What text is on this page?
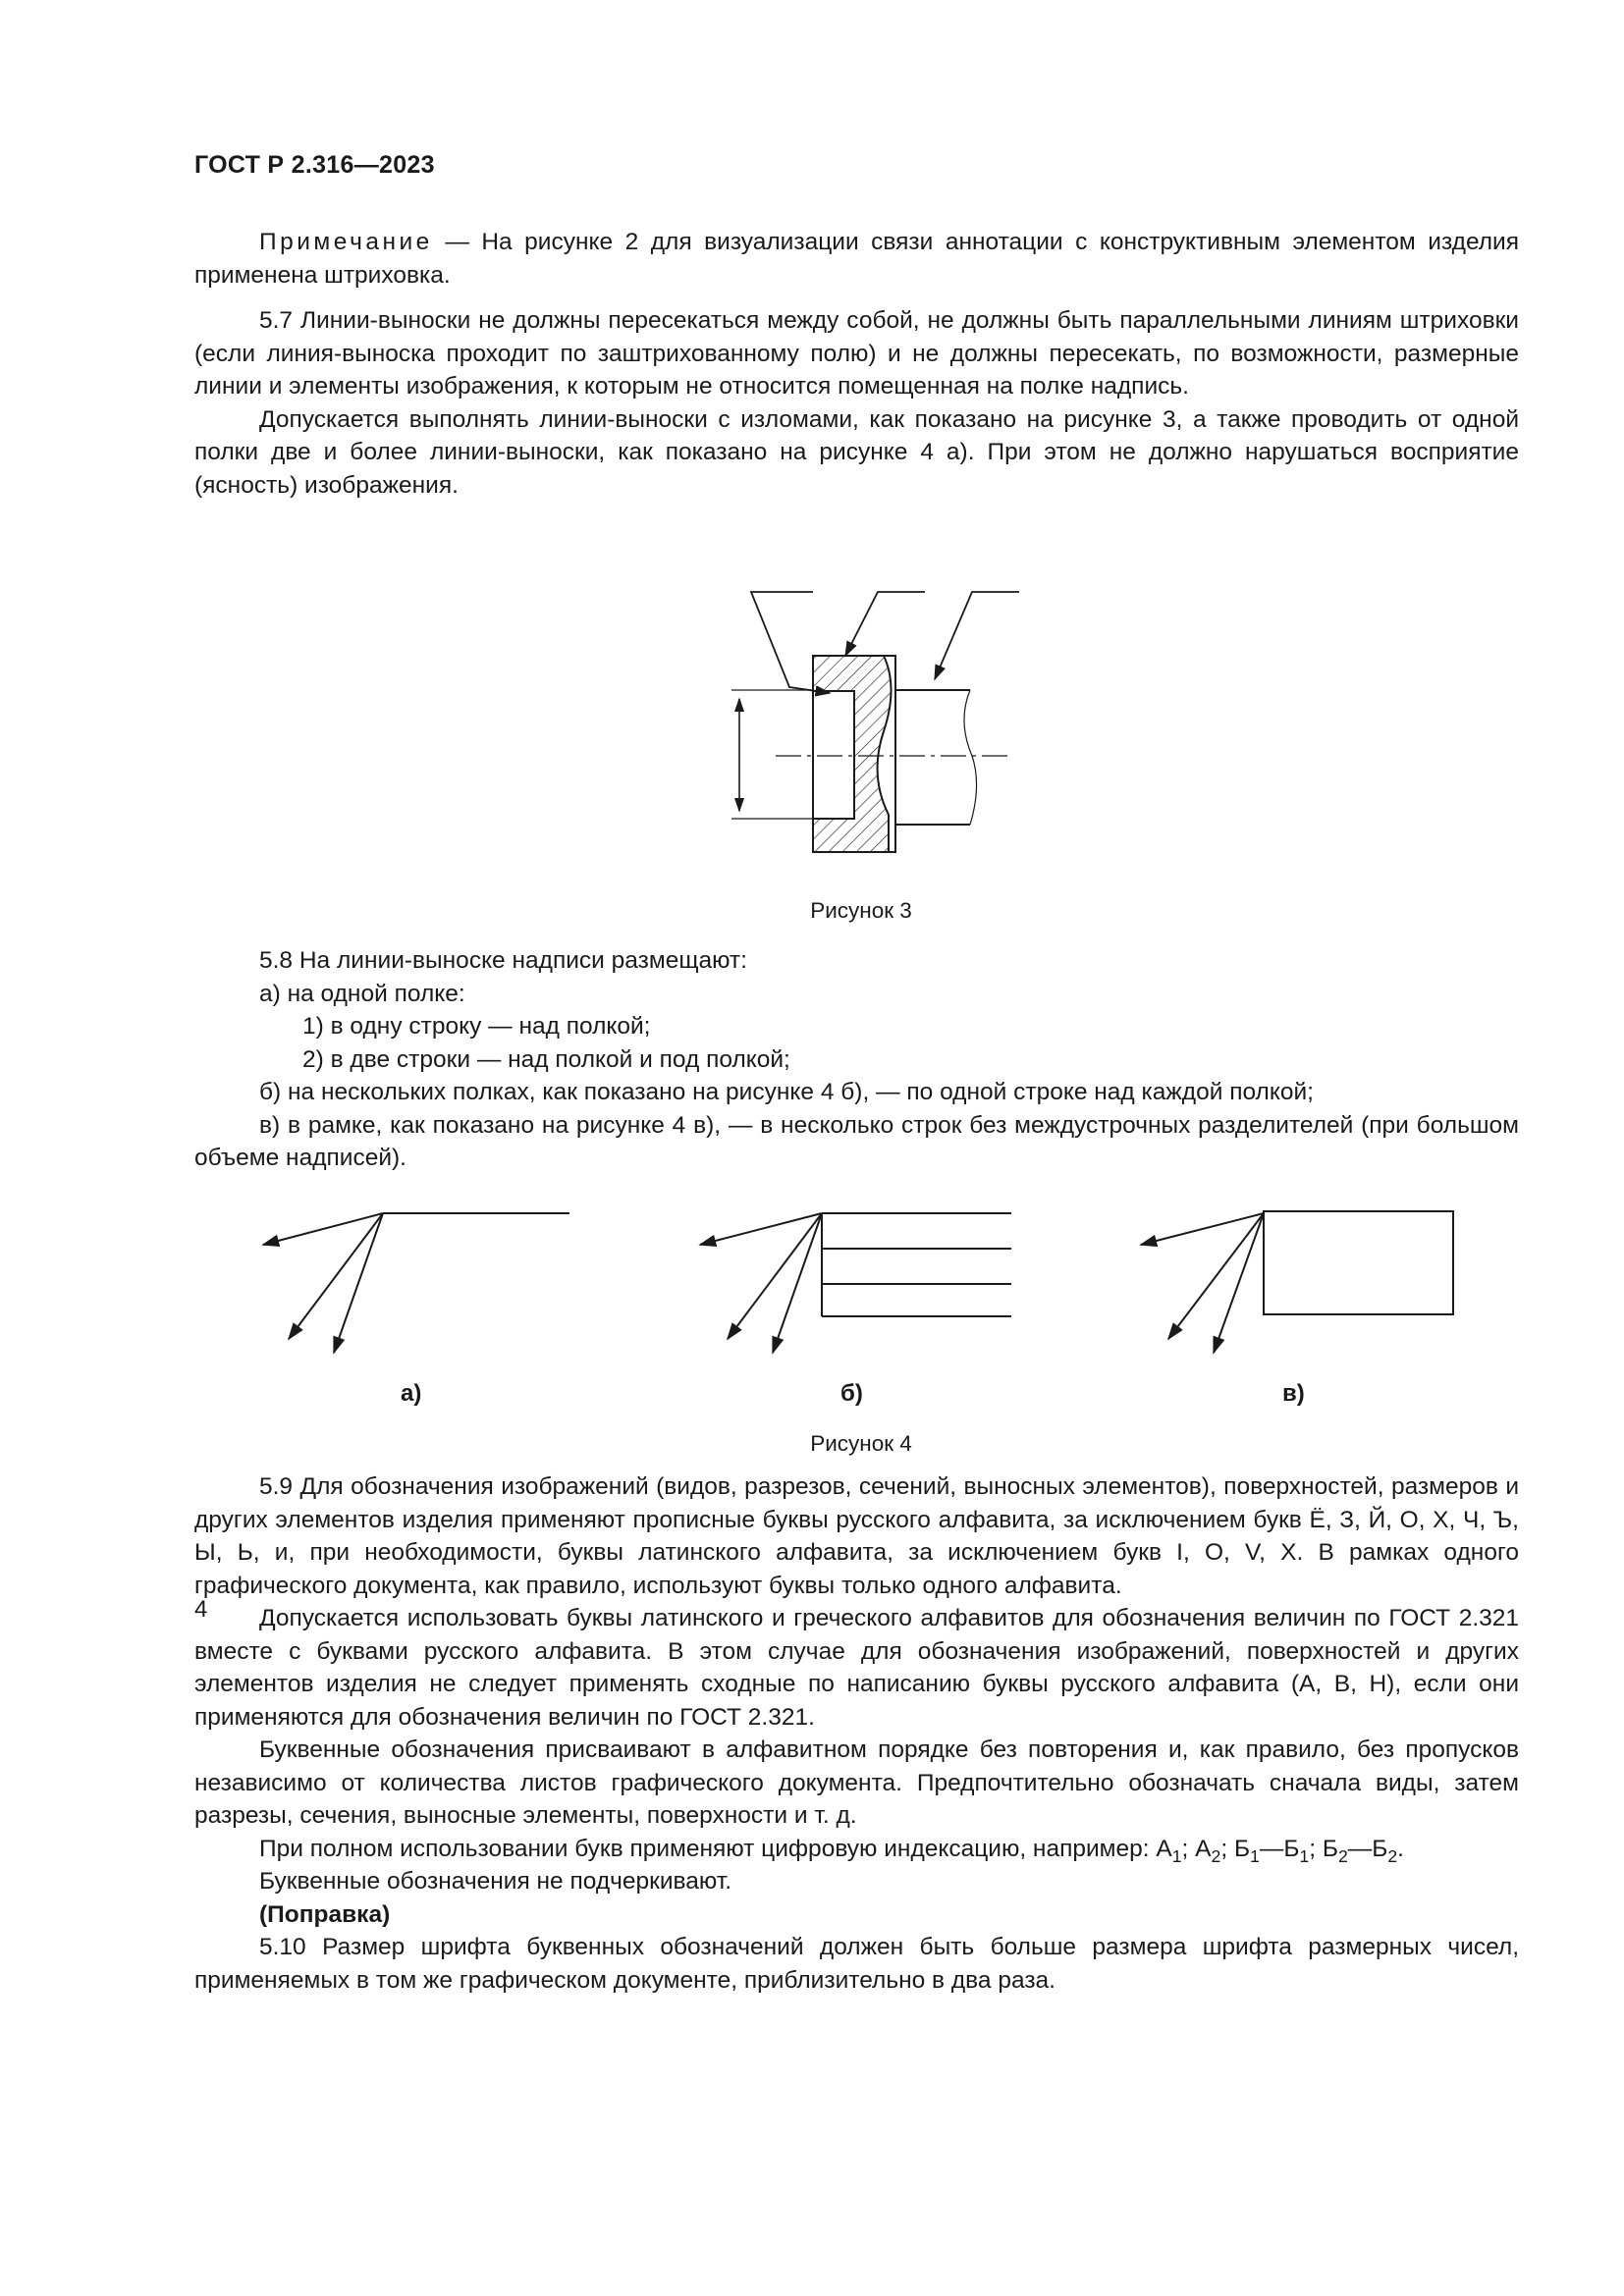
ГОСТ Р 2.316—2023

Примечание — На рисунке 2 для визуализации связи аннотации с конструктивным элементом изделия применена штриховка.

5.7 Линии-выноски не должны пересекаться между собой, не должны быть параллельными линиям штриховки (если линия-выноска проходит по заштрихованному полю) и не должны пересекать, по возможности, размерные линии и элементы изображения, к которым не относится помещенная на полке надпись.

Допускается выполнять линии-выноски с изломами, как показано на рисунке 3, а также проводить от одной полки две и более линии-выноски, как показано на рисунке 4 а). При этом не должно нарушаться восприятие (ясность) изображения.

Рисунок 3

5.8 На линии-выноске надписи размещают:

а) на одной полке:

1) в одну строку — над полкой;

2) в две строки — над полкой и под полкой;

б) на нескольких полках, как показано на рисунке 4 б), — по одной строке над каждой полкой;

в) в рамке, как показано на рисунке 4 в), — в несколько строк без междустрочных разделителей (при большом объеме надписей).

а)	б)	в)
Рисунок 4

5.9 Для обозначения изображений (видов, разрезов, сечений, выносных элементов), поверхностей, размеров и других элементов изделия применяют прописные буквы русского алфавита, за исключением букв Ё, З, Й, О, Х, Ч, Ъ, Ы, Ь, и, при необходимости, буквы латинского алфавита, за исключением букв I, O, V, X. В рамках одного графического документа, как правило, используют буквы только одного алфавита.

Допускается использовать буквы латинского и греческого алфавитов для обозначения величин по ГОСТ 2.321 вместе с буквами русского алфавита. В этом случае для обозначения изображений, поверхностей и других элементов изделия не следует применять сходные по написанию буквы русского алфавита (А, В, Н), если они применяются для обозначения величин по ГОСТ 2.321.

Буквенные обозначения присваивают в алфавитном порядке без повторения и, как правило, без пропусков независимо от количества листов графического документа. Предпочтительно обозначать сначала виды, затем разрезы, сечения, выносные элементы, поверхности и т. д.

При полном использовании букв применяют цифровую индексацию, например: $А_1$; $А_2$; $Б_1—Б_1$; $Б_2—Б_2$.

Буквенные обозначения не подчеркивают.

(Поправка)

5.10 Размер шрифта буквенных обозначений должен быть больше размера шрифта размерных чисел, применяемых в том же графическом документе, приблизительно в два раза.

4
